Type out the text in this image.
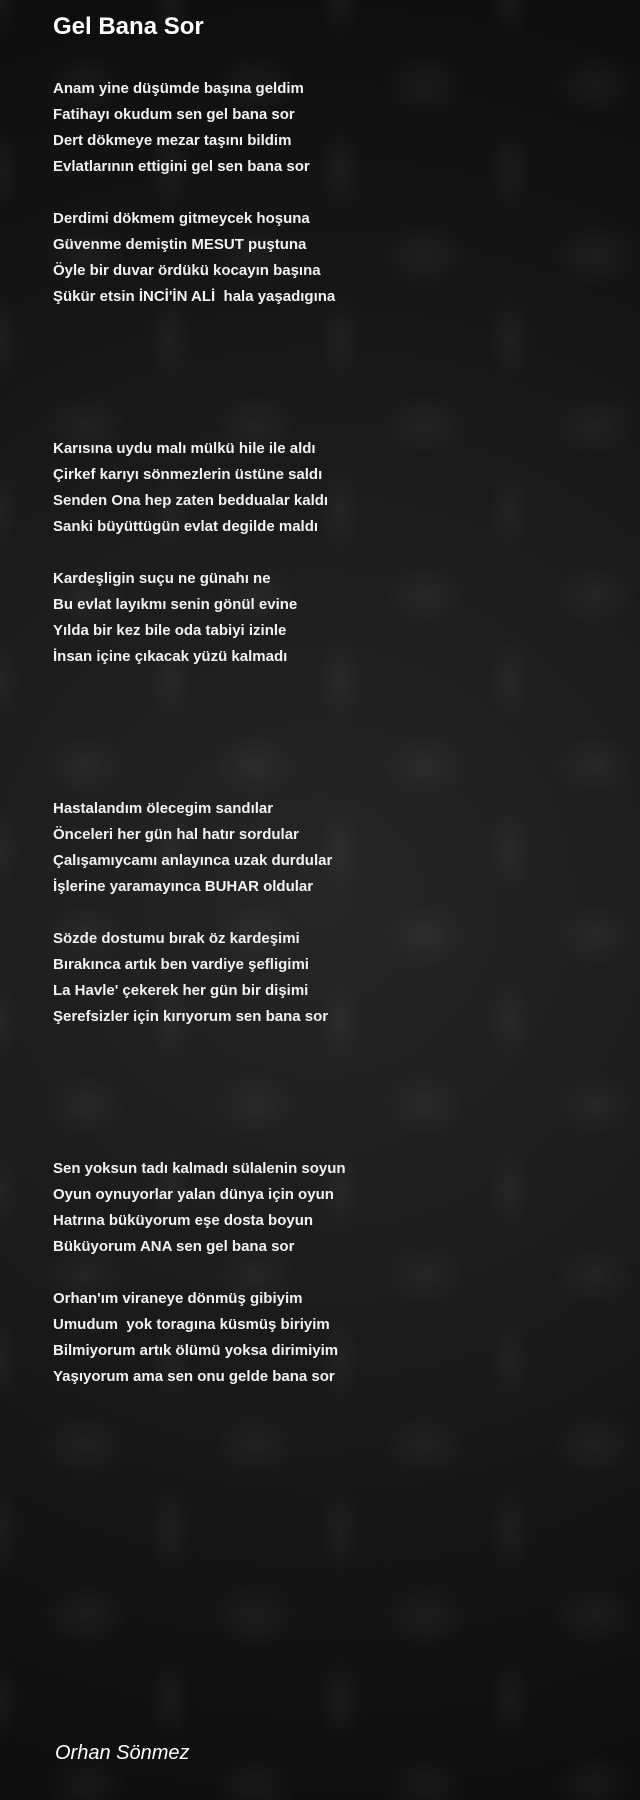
Gel Bana Sor

Anam yine düşümde başına geldim

Fatihayı okudum sen gel bana sor

Dert dökmeye mezar taşını bildim

Evlatlarının ettigini gel sen bana sor

Derdimi dökmem gitmeycek hoşuna

Güvenme demiştin MESUT puştuna

Öyle bir duvar ördükü kocayın başına

Şükür etsin İNCİ'İN ALİ  hala yaşadıgına

Karısına uydu malı mülkü hile ile aldı

Çirkef karıyı sönmezlerin üstüne saldı

Senden Ona hep zaten beddualar kaldı

Sanki büyüttügün evlat degilde maldı

Kardeşligin suçu ne günahı ne

Bu evlat layıkmı senin gönül evine

Yılda bir kez bile oda tabiyi izinle

İnsan içine çıkacak yüzü kalmadı

Hastalandım ölecegim sandılar

Önceleri her gün hal hatır sordular

Çalışamıycamı anlayınca uzak durdular

İşlerine yaramayınca BUHAR oldular

Sözde dostumu bırak öz kardeşimi

Bırakınca artık ben vardiye şefligimi

La Havle' çekerek her gün bir dişimi

Şerefsizler için kırıyorum sen bana sor

Sen yoksun tadı kalmadı sülalenin soyun

Oyun oynuyorlar yalan dünya için oyun

Hatrına büküyorum eşe dosta boyun

Büküyorum ANA sen gel bana sor

Orhan'ım viraneye dönmüş gibiyim

Umudum  yok toragına küsmüş biriyim

Bilmiyorum artık ölümü yoksa dirimiyim

Yaşıyorum ama sen onu gelde bana sor

Orhan Sönmez
